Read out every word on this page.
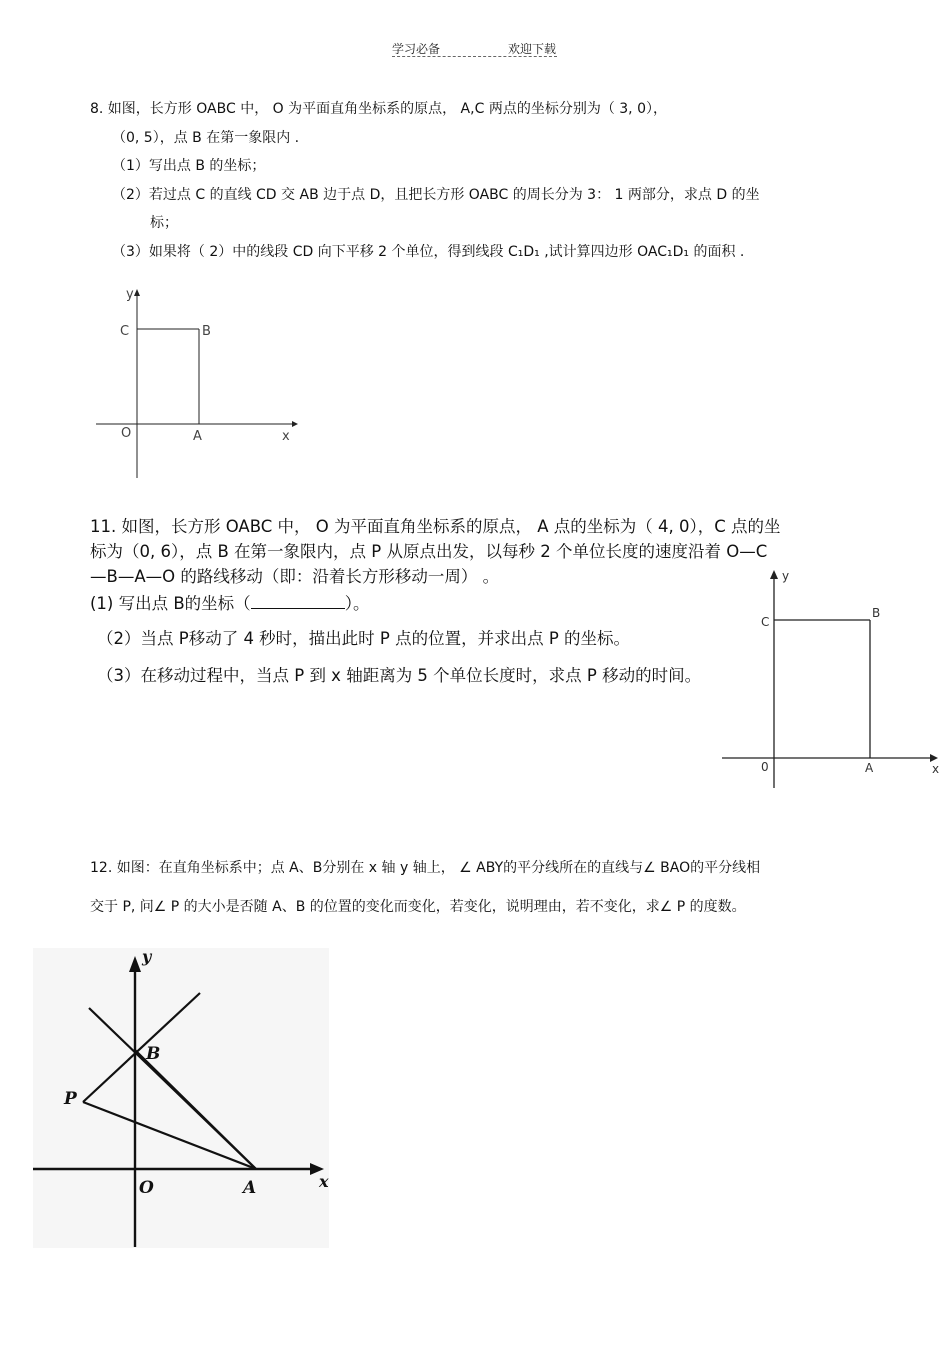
学习必备	欢迎下载
8. 如图，长方形 OABC 中， O 为平面直角坐标系的原点， A,C 两点的坐标分别为（ 3, 0），
（0, 5），点 B 在第一象限内 .
（1）写出点 B 的坐标；
（2）若过点 C 的直线 CD 交 AB 边于点 D，且把长方形 OABC 的周长分为 3： 1 两部分，求点 D 的坐
标；
（3）如果将（ 2）中的线段 CD 向下平移 2 个单位，得到线段 C₁D₁ ,试计算四边形 OAC₁D₁ 的面积 .
y
C	B
O	A	x
11. 如图，长方形 OABC 中， O 为平面直角坐标系的原点， A 点的坐标为（ 4, 0），C 点的坐
标为（0, 6），点 B 在第一象限内，点 P 从原点出发，以每秒 2 个单位长度的速度沿着 O—C
—B—A—O 的路线移动（即：沿着长方形移动一周） 。
(1) 写出点 B的坐标（	）。
（2）当点 P移动了 4 秒时，描出此时 P 点的位置，并求出点 P 的坐标。
（3）在移动过程中，当点 P 到 x 轴距离为 5 个单位长度时，求点 P 移动的时间。
y
C
B
0	A	x
12. 如图：在直角坐标系中；点 A、B分别在 x 轴 y 轴上， ∠ ABY的平分线所在的直线与∠ BAO的平分线相
交于 P, 问∠ P 的大小是否随 A、B 的位置的变化而变化，若变化，说明理由，若不变化，求∠ P 的度数。
y
B
P
O	A	x
